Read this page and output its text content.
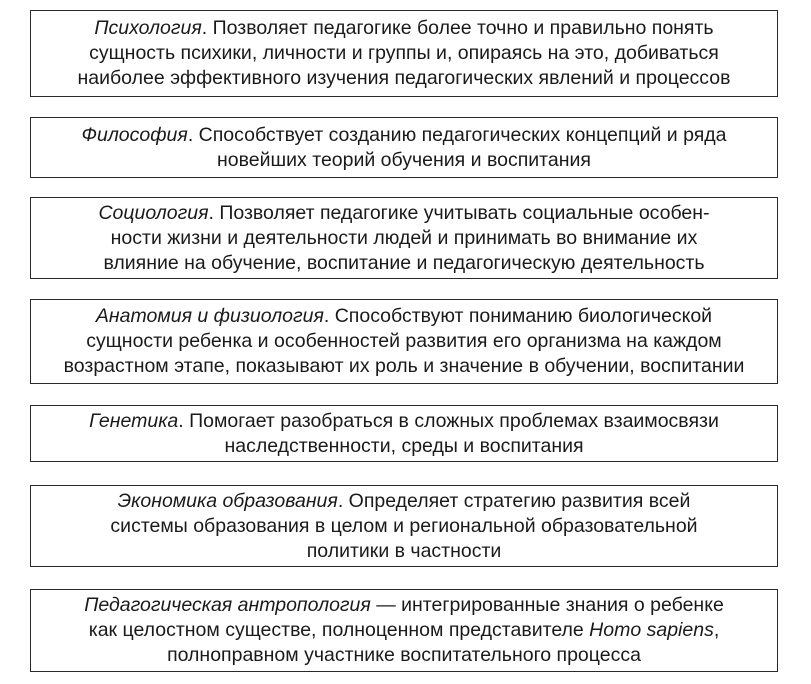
Психология. Позволяет педагогике более точно и правильно понять
сущность психики, личности и группы и, опираясь на это, добиваться
наиболее эффективного изучения педагогических явлений и процессов

Философия. Способствует созданию педагогических концепций и ряда
новейших теорий обучения и воспитания

Социология. Позволяет педагогике учитывать социальные особен-
ности жизни и деятельности людей и принимать во внимание их
влияние на обучение, воспитание и педагогическую деятельность

Анатомия и физиология. Способствуют пониманию биологической
сущности ребенка и особенностей развития его организма на каждом
возрастном этапе, показывают их роль и значение в обучении, воспитании

Генетика. Помогает разобраться в сложных проблемах взаимосвязи
наследственности, среды и воспитания

Экономика образования. Определяет стратегию развития всей
системы образования в целом и региональной образовательной
политики в частности

Педагогическая антропология — интегрированные знания о ребенке
как целостном существе, полноценном представителе Homo sapiens,
полноправном участнике воспитательного процесса
